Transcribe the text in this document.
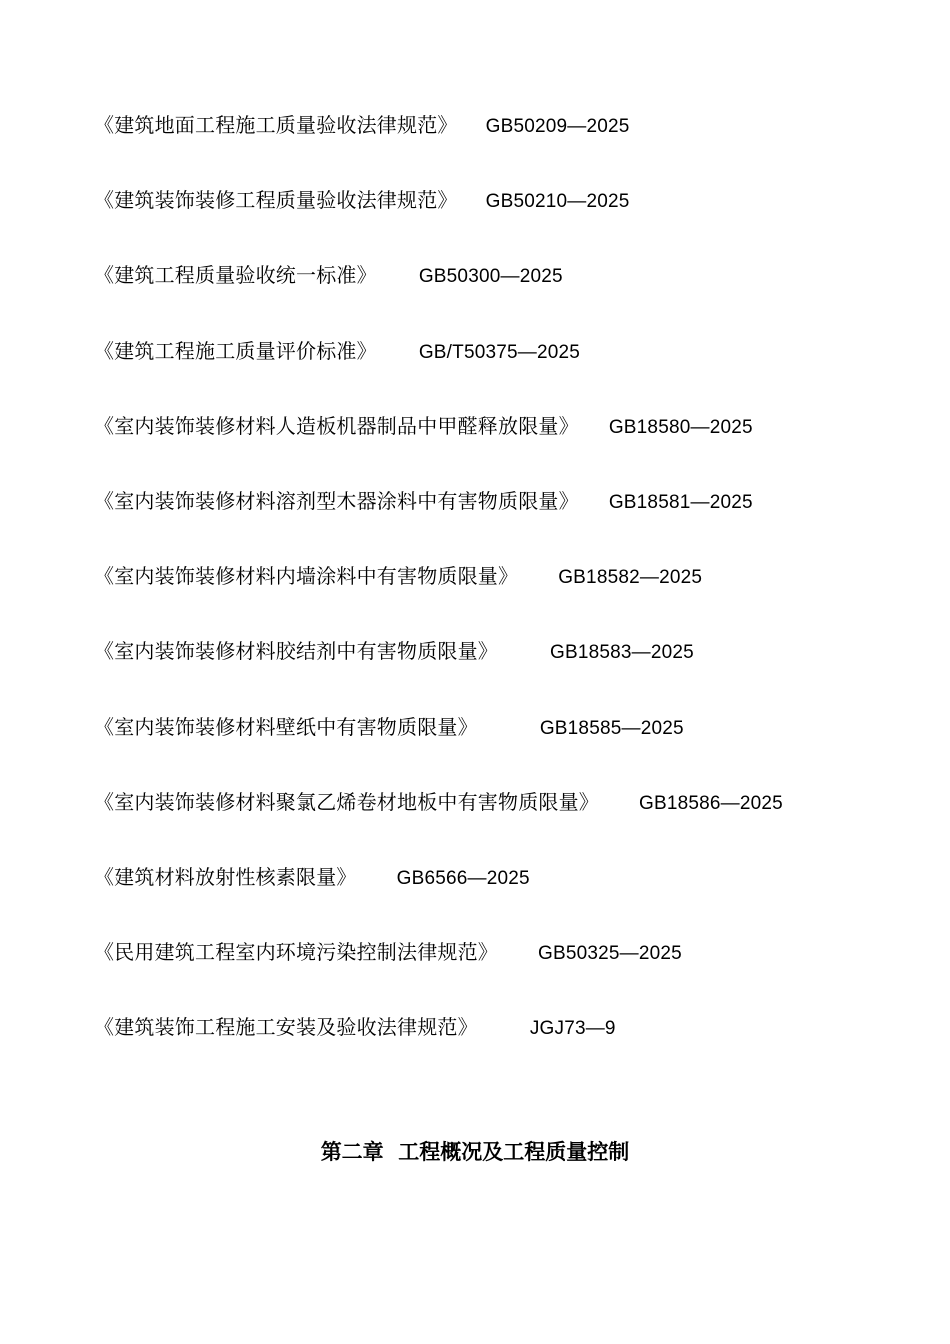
《建筑地面工程施工质量验收法律规范》 GB50209—2025
《建筑装饰装修工程质量验收法律规范》 GB50210—2025
《建筑工程质量验收统一标准》 GB50300—2025
《建筑工程施工质量评价标准》 GB/T50375—2025
《室内装饰装修材料人造板机器制品中甲醛释放限量》 GB18580—2025
《室内装饰装修材料溶剂型木器涂料中有害物质限量》 GB18581—2025
《室内装饰装修材料内墙涂料中有害物质限量》 GB18582—2025
《室内装饰装修材料胶结剂中有害物质限量》	GB18583—2025
《室内装饰装修材料壁纸中有害物质限量》	GB18585—2025
《室内装饰装修材料聚氯乙烯卷材地板中有害物质限量》 GB18586—2025
《建筑材料放射性核素限量》 GB6566—2025
《民用建筑工程室内环境污染控制法律规范》 GB50325—2025
《建筑装饰工程施工安装及验收法律规范》	JGJ73—9
第二章  工程概况及工程质量控制
